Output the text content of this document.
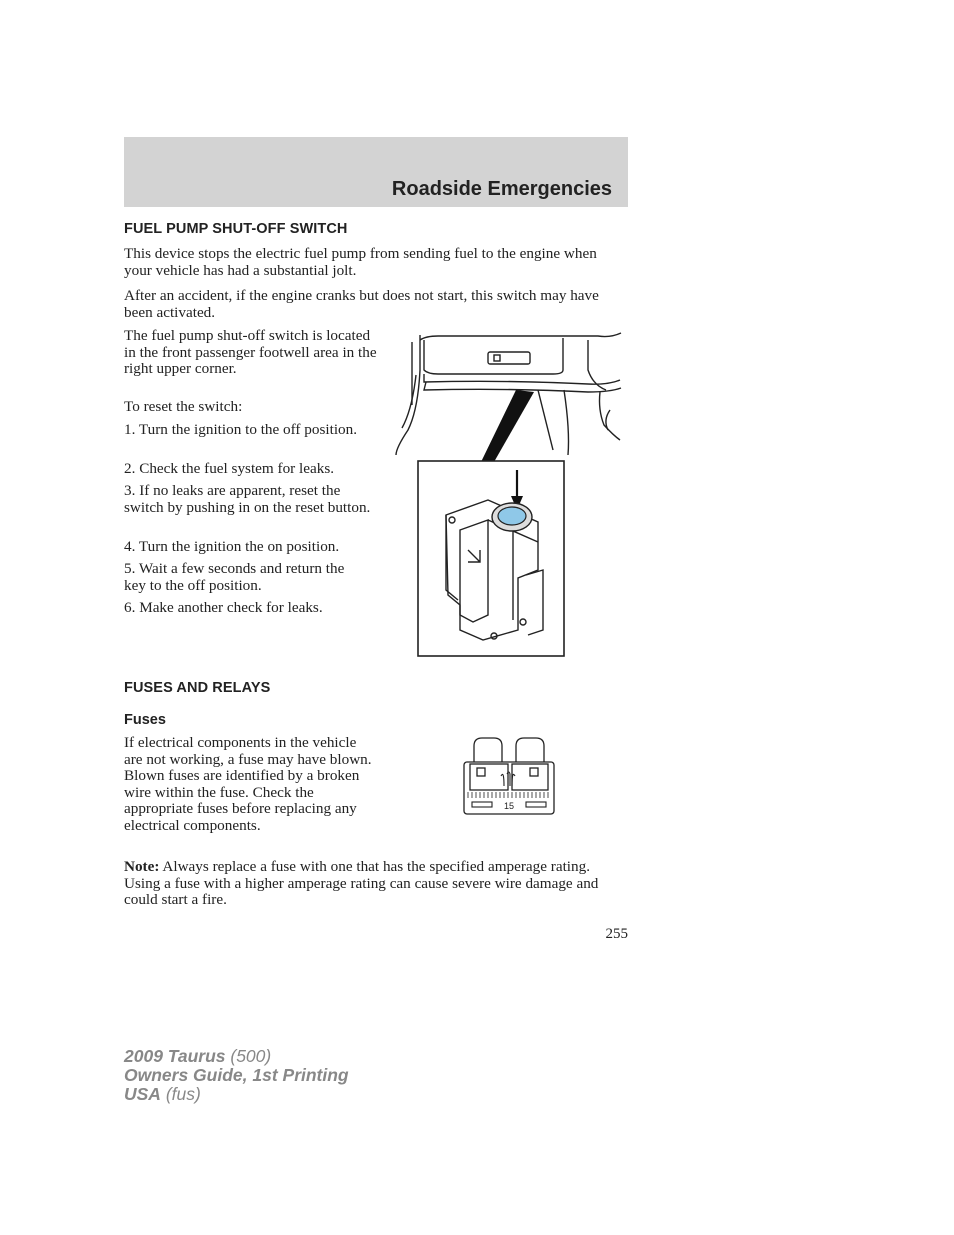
Roadside Emergencies
FUEL PUMP SHUT-OFF SWITCH

This device stops the electric fuel pump from sending fuel to the engine when your vehicle has had a substantial jolt.

After an accident, if the engine cranks but does not start, this switch may have been activated.

The fuel pump shut-off switch is located in the front passenger footwell area in the right upper corner.

To reset the switch:

1. Turn the ignition to the off position.

2. Check the fuel system for leaks.

3. If no leaks are apparent, reset the switch by pushing in on the reset button.

4. Turn the ignition the on position.

5. Wait a few seconds and return the key to the off position.

6. Make another check for leaks.

FUSES AND RELAYS
Fuses

If electrical components in the vehicle are not working, a fuse may have blown. Blown fuses are identified by a broken wire within the fuse. Check the appropriate fuses before replacing any electrical components.

15

Note: Always replace a fuse with one that has the specified amperage rating. Using a fuse with a higher amperage rating can cause severe wire damage and could start a fire.

255
2009 Taurus (500)
Owners Guide, 1st Printing
USA (fus)
